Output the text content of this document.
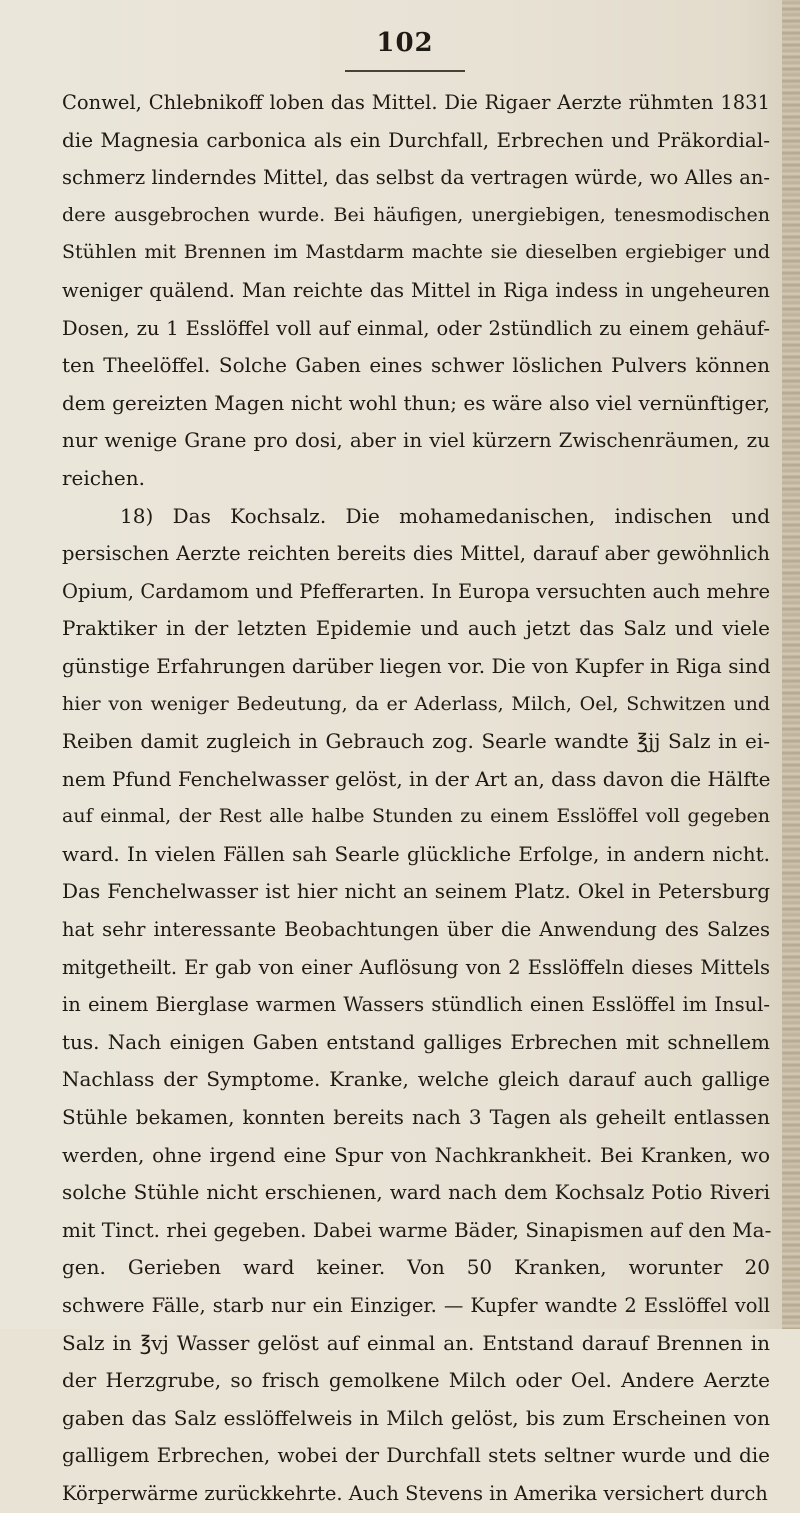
102
Conwel, Chlebnikoff loben das Mittel. Die Rigaer Aerzte rühmten 1831
die Magnesia carbonica als ein Durchfall, Erbrechen und Präkordial-
schmerz linderndes Mittel, das selbst da vertragen würde, wo Alles an-
dere ausgebrochen wurde. Bei häufigen, unergiebigen, tenesmodischen
Stühlen mit Brennen im Mastdarm machte sie dieselben ergiebiger und
weniger quälend. Man reichte das Mittel in Riga indess in ungeheuren
Dosen, zu 1 Esslöffel voll auf einmal, oder 2stündlich zu einem gehäuf-
ten Theelöffel. Solche Gaben eines schwer löslichen Pulvers können
dem gereizten Magen nicht wohl thun; es wäre also viel vernünftiger,
nur wenige Grane pro dosi, aber in viel kürzern Zwischenräumen, zu
reichen.
18) Das Kochsalz. Die mohamedanischen, indischen und
persischen Aerzte reichten bereits dies Mittel, darauf aber gewöhnlich
Opium, Cardamom und Pfefferarten. In Europa versuchten auch mehre
Praktiker in der letzten Epidemie und auch jetzt das Salz und viele
günstige Erfahrungen darüber liegen vor. Die von Kupfer in Riga sind
hier von weniger Bedeutung, da er Aderlass, Milch, Oel, Schwitzen und
Reiben damit zugleich in Gebrauch zog. Searle wandte ℥jj Salz in ei-
nem Pfund Fenchelwasser gelöst, in der Art an, dass davon die Hälfte
auf einmal, der Rest alle halbe Stunden zu einem Esslöffel voll gegeben
ward. In vielen Fällen sah Searle glückliche Erfolge, in andern nicht.
Das Fenchelwasser ist hier nicht an seinem Platz. Okel in Petersburg
hat sehr interessante Beobachtungen über die Anwendung des Salzes
mitgetheilt. Er gab von einer Auflösung von 2 Esslöffeln dieses Mittels
in einem Bierglase warmen Wassers stündlich einen Esslöffel im Insul-
tus. Nach einigen Gaben entstand galliges Erbrechen mit schnellem
Nachlass der Symptome. Kranke, welche gleich darauf auch gallige
Stühle bekamen, konnten bereits nach 3 Tagen als geheilt entlassen
werden, ohne irgend eine Spur von Nachkrankheit. Bei Kranken, wo
solche Stühle nicht erschienen, ward nach dem Kochsalz Potio Riveri
mit Tinct. rhei gegeben. Dabei warme Bäder, Sinapismen auf den Ma-
gen. Gerieben ward keiner. Von 50 Kranken, worunter 20
schwere Fälle, starb nur ein Einziger. — Kupfer wandte 2 Esslöffel voll
Salz in ℥vj Wasser gelöst auf einmal an. Entstand darauf Brennen in
der Herzgrube, so frisch gemolkene Milch oder Oel. Andere Aerzte
gaben das Salz esslöffelweis in Milch gelöst, bis zum Erscheinen von
galligem Erbrechen, wobei der Durchfall stets seltner wurde und die
Körperwärme zurückkehrte. Auch Stevens in Amerika versichert durch
